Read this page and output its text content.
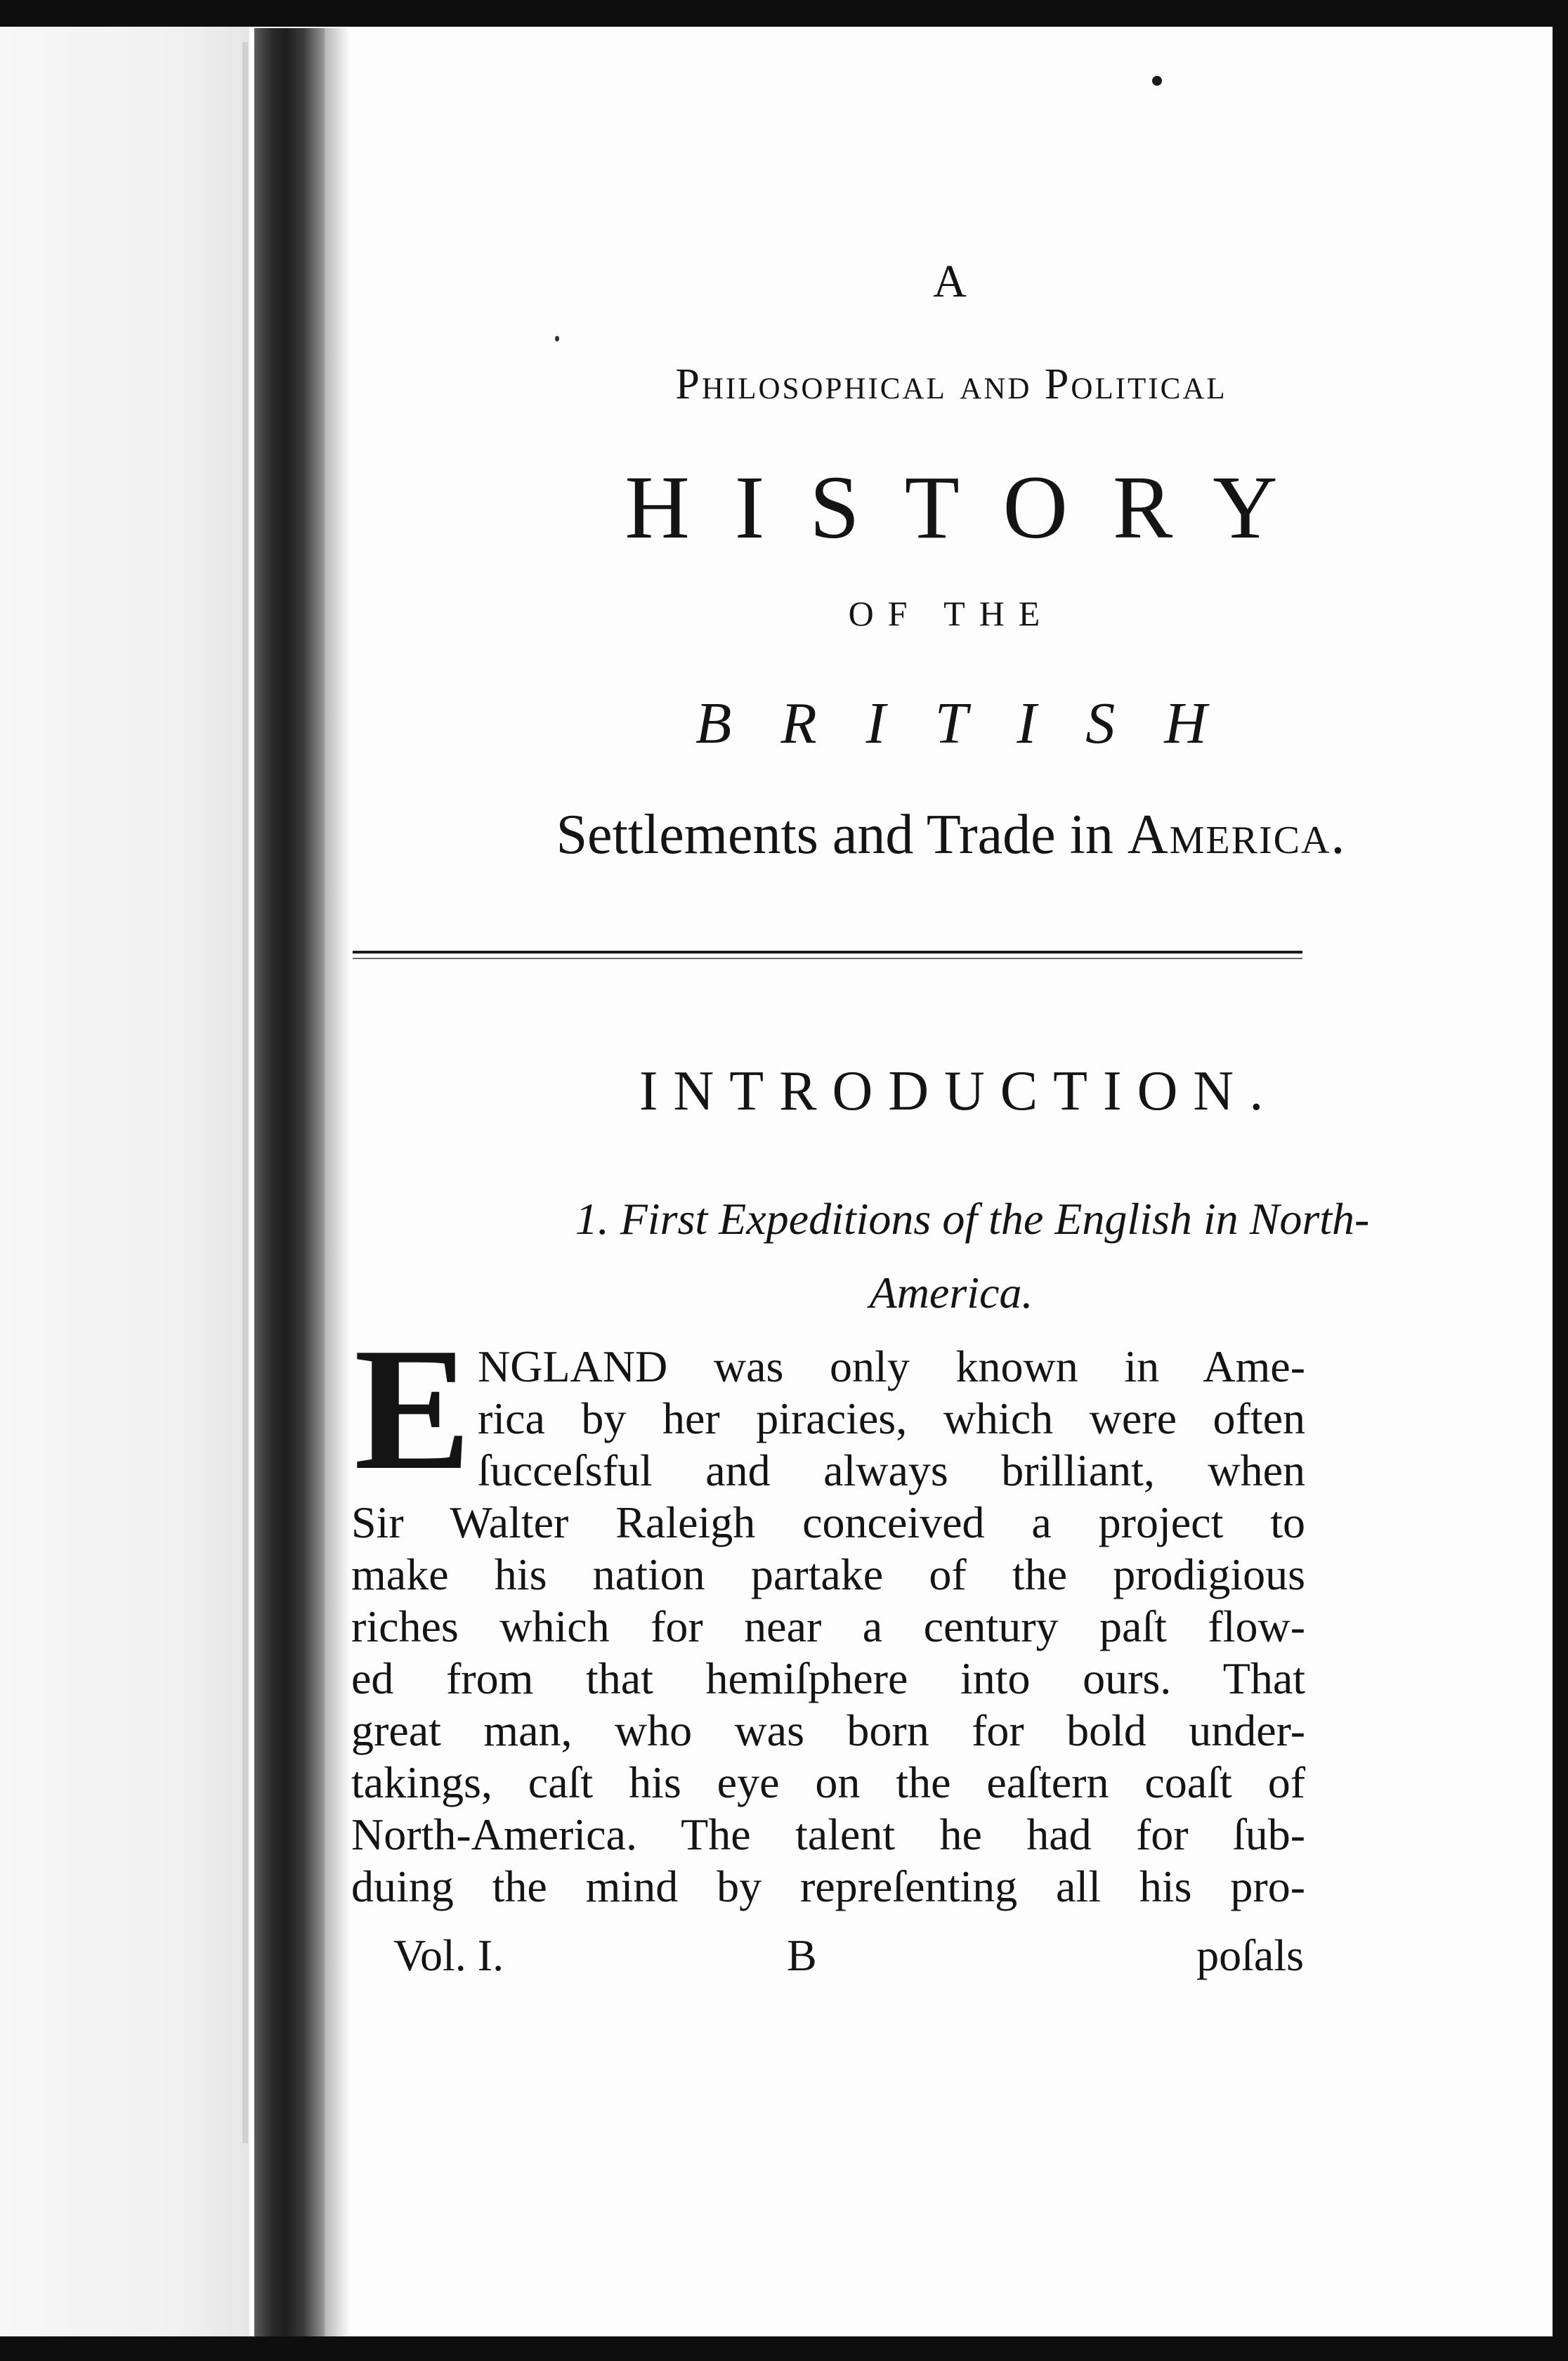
A
Philosophical and Political
HISTORY
OF THE
BRITISH
Settlements and Trade in America.
INTRODUCTION.
1. First Expeditions of the English in North-
America.
E NGLAND was only known in Ame-
rica by her piracies, which were often
ſucceſsful and always brilliant, when
Sir Walter Raleigh conceived a project to
make his nation partake of the prodigious
riches which for near a century paſt flow-
ed from that hemiſphere into ours. That
great man, who was born for bold under-
takings, caſt his eye on the eaſtern coaſt of
North-America. The talent he had for ſub-
duing the mind by repreſenting all his pro-
Vol. I.	B	poſals
